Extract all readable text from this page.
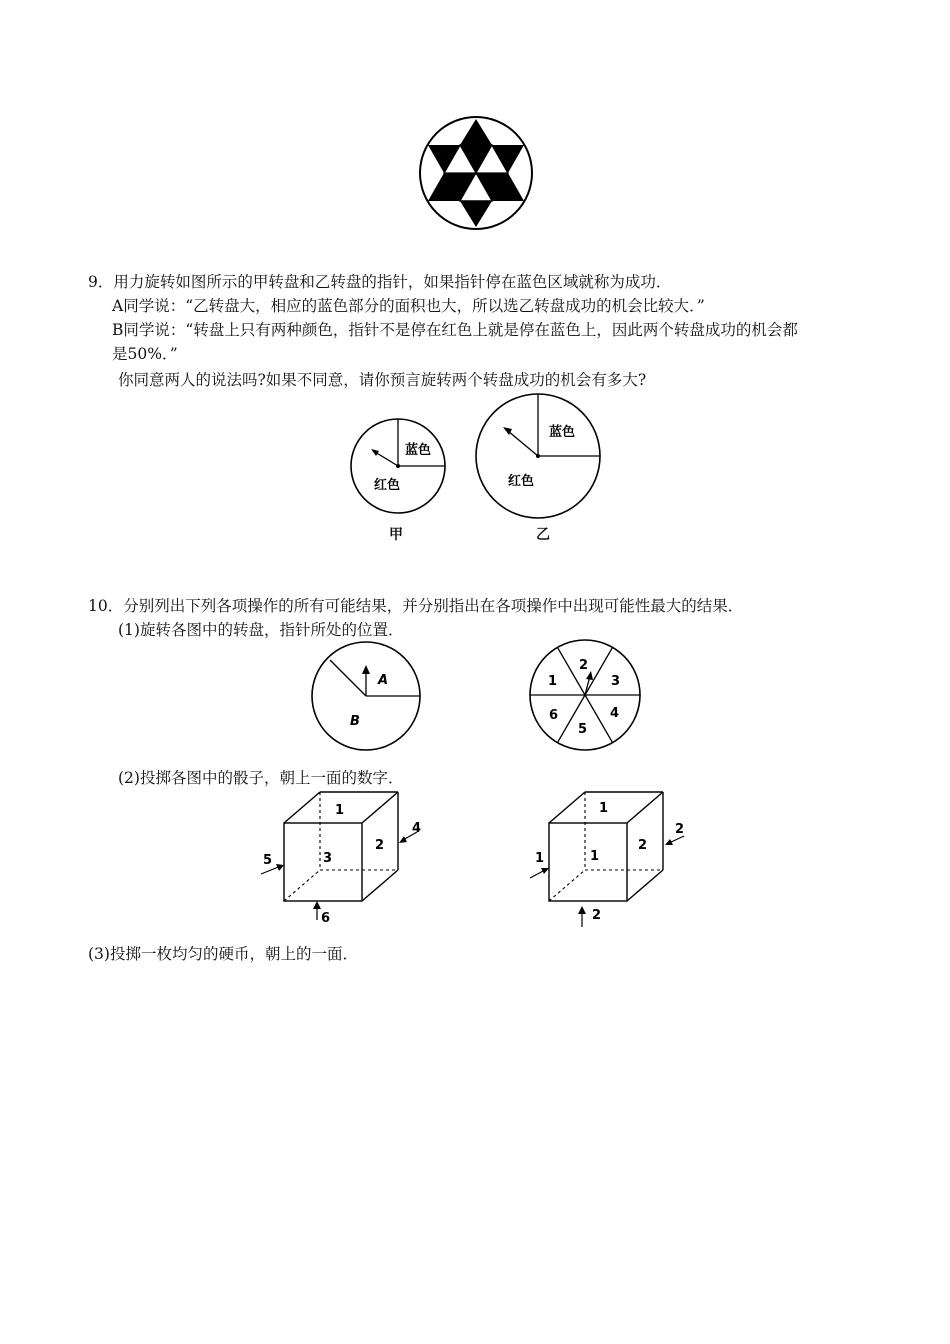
9．用力旋转如图所示的甲转盘和乙转盘的指针，如果指针停在蓝色区域就称为成功．
A同学说：“乙转盘大，相应的蓝色部分的面积也大，所以选乙转盘成功的机会比较大．”
B同学说：“转盘上只有两种颜色，指针不是停在红色上就是停在蓝色上，因此两个转盘成功的机会都
是50%．”
你同意两人的说法吗?如果不同意，请你预言旋转两个转盘成功的机会有多大?
蓝色
红色
甲
蓝色
红色
乙
10．分别列出下列各项操作的所有可能结果，并分别指出在各项操作中出现可能性最大的结果．
(1)旋转各图中的转盘，指针所处的位置．
A
B
1
2
3
4
5
6
(2)投掷各图中的骰子，朝上一面的数字．
1
2
3
4
5
6
1
2
1
2
1
2
(3)投掷一枚均匀的硬币，朝上的一面．
